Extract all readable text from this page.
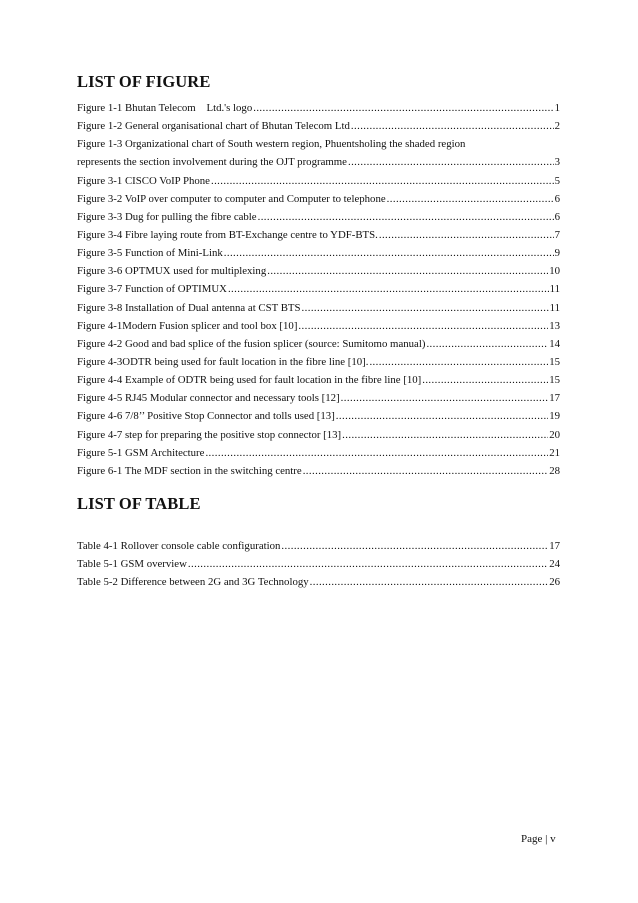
LIST OF FIGURE
Figure 1-1 Bhutan Telecom    Ltd.'s logo .....	1
Figure 1-2 General organisational chart of Bhutan Telecom Ltd .....	2
Figure 1-3 Organizational chart of South western region, Phuentsholing the shaded region
represents the section involvement during the OJT programme .....	3
Figure 3-1 CISCO VoIP Phone .....	5
Figure 3-2 VoIP over computer to computer and Computer to telephone .....	6
Figure 3-3 Dug for pulling the fibre cable .....	6
Figure 3-4 Fibre laying route from BT-Exchange centre to YDF-BTS. .....	7
Figure 3-5 Function of Mini-Link .....	9
Figure 3-6 OPTMUX used for multiplexing .....	10
Figure 3-7 Function of OPTIMUX .....	11
Figure 3-8 Installation of Dual antenna at CST BTS .....	11
Figure 4-1Modern Fusion splicer and tool box [10] .....	13
Figure 4-2 Good and bad splice of the fusion splicer (source: Sumitomo manual) .....	14
Figure 4-3ODTR being used for fault location in the fibre line [10]. .....	15
Figure 4-4 Example of ODTR being used for fault location in the fibre line [10] .....	15
Figure 4-5 RJ45 Modular connector and necessary tools [12] .....	17
Figure 4-6 7/8’’ Positive Stop Connector and tolls used [13] .....	19
Figure 4-7 step for preparing the positive stop connector [13] .....	20
Figure 5-1 GSM Architecture .....	21
Figure 6-1 The MDF section in the switching centre .....	28
LIST OF TABLE
Table 4-1 Rollover console cable configuration .....	17
Table 5-1 GSM overview .....	24
Table 5-2 Difference between 2G and 3G Technology .....	26
Page | v
